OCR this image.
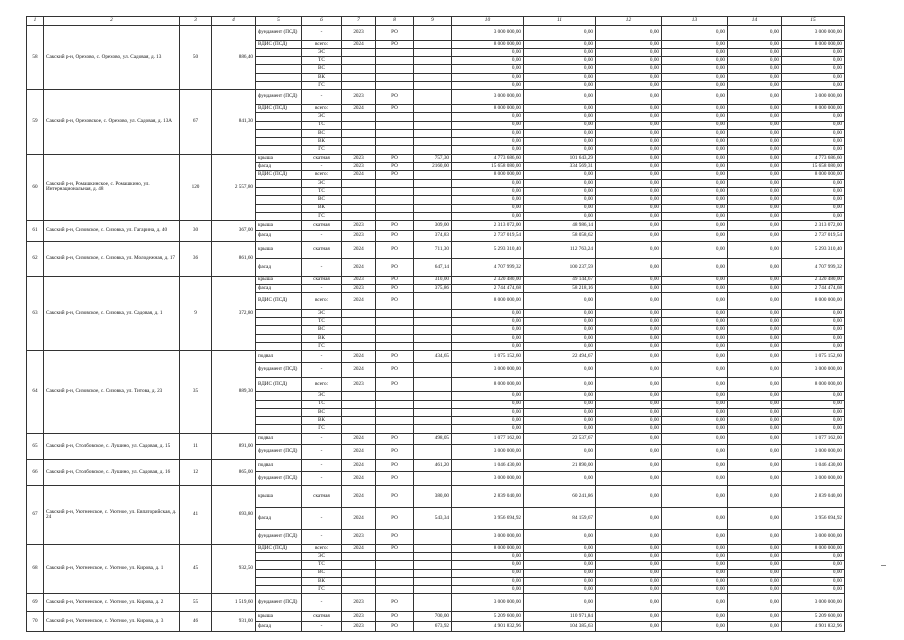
1	2	3	4	5	6	7	8	9	10	11	12	13	14	15
58	Сакский р-н, Орехово, с. Орехово, ул. Садовая, д. 13	50	886,40	фундамент (ПСД)	-	2023	РО		3 000 000,00	0,00	0,00	0,00	0,00	3 000 000,00
				ВДИС (ПСД)	всего:	2024	РО		8 000 000,00	0,00	0,00	0,00	0,00	8 000 000,00
					ЭС				0,00	0,00	0,00	0,00	0,00	0,00
					ТС				0,00	0,00	0,00	0,00	0,00	0,00
					ВС				0,00	0,00	0,00	0,00	0,00	0,00
					ВК				0,00	0,00	0,00	0,00	0,00	0,00
					ГС				0,00	0,00	0,00	0,00	0,00	0,00
59	Сакский р-н, Ореховское, с. Орехово, ул. Садовая, д. 13А	67	841,30	фундамент (ПСД)	-	2023	РО		3 000 000,00	0,00	0,00	0,00	0,00	3 000 000,00
				ВДИС (ПСД)	всего:	2024	РО		8 000 000,00	0,00	0,00	0,00	0,00	8 000 000,00
					ЭС				0,00	0,00	0,00	0,00	0,00	0,00
					ТС				0,00	0,00	0,00	0,00	0,00	0,00
					ВС				0,00	0,00	0,00	0,00	0,00	0,00
					ВК				0,00	0,00	0,00	0,00	0,00	0,00
					ГС				0,00	0,00	0,00	0,00	0,00	0,00
60	Сакский р-н, Ромашкинское, с. Ромашкино, ул. Интернациональная, д. 48	120	2 557,80	крыша	скатная	2023	РО	757,30	4 773 686,60	101 643,29	0,00	0,00	0,00	4 773 686,60
				фасад	-	2023	РО	2160,00	15 658 080,00	334 569,31	0,00	0,00	0,00	15 658 080,00
				ВДИС (ПСД)	всего:	2024	РО		8 000 000,00	0,00	0,00	0,00	0,00	8 000 000,00
					ЭС				0,00	0,00	0,00	0,00	0,00	0,00
					ТС				0,00	0,00	0,00	0,00	0,00	0,00
					ВС				0,00	0,00	0,00	0,00	0,00	0,00
					ВК				0,00	0,00	0,00	0,00	0,00	0,00
					ГС				0,00	0,00	0,00	0,00	0,00	0,00
61	Сакский р-н, Сизовское, с. Сизовка, ул. Гагарина, д. 40	30	367,00	крыша	скатная	2023	РО	309,00	2 313 072,00	48 986,14	0,00	0,00	0,00	2 313 072,00
				фасад	-	2023	РО	374,83	2 737 019,54	58 058,62	0,00	0,00	0,00	2 737 019,54
62	Сакский р-н, Сизовское, с. Сизовка, ул. Молодежная, д. 17	36	861,60	крыша	скатная	2024	РО	711,30	5 293 310,40	112 763,24	0,00	0,00	0,00	5 293 310,40
				фасад	-	2024	РО	647,14	4 707 999,32	100 237,59	0,00	0,00	0,00	4 707 999,32
63	Сакский р-н, Сизовское, с. Сизовка, ул. Садовая, д. 1	9	372,80	крыша	скатная	2023	РО	310,00	2 320 480,00	49 144,67	0,00	0,00	0,00	2 320 480,00
				фасад	-	2023	РО	375,86	2 744 474,68	58 218,16	0,00	0,00	0,00	2 744 474,68
				ВДИС (ПСД)	всего:	2024	РО		8 000 000,00	0,00	0,00	0,00	0,00	8 000 000,00
					ЭС				0,00	0,00	0,00	0,00	0,00	0,00
					ТС				0,00	0,00	0,00	0,00	0,00	0,00
					ВС				0,00	0,00	0,00	0,00	0,00	0,00
					ВК				0,00	0,00	0,00	0,00	0,00	0,00
					ГС				0,00	0,00	0,00	0,00	0,00	0,00
64	Сакский р-н, Сизовское, с. Сизовка, ул. Титова, д. 23	35	889,30	подвал	-	2024	РО	434,65	1 075 152,60	22 494,67	0,00	0,00	0,00	1 075 152,60
				фундамент (ПСД)	-	2024	РО		3 000 000,00	0,00	0,00	0,00	0,00	3 000 000,00
				ВДИС (ПСД)	всего:	2023	РО		8 000 000,00	0,00	0,00	0,00	0,00	8 000 000,00
					ЭС				0,00	0,00	0,00	0,00	0,00	0,00
					ТС				0,00	0,00	0,00	0,00	0,00	0,00
					ВС				0,00	0,00	0,00	0,00	0,00	0,00
					ВК				0,00	0,00	0,00	0,00	0,00	0,00
					ГС				0,00	0,00	0,00	0,00	0,00	0,00
65	Сакский р-н, Столбовское, с. Лушино, ул. Садовая, д. 15	11	891,00	подвал	-	2024	РО	498,05	1 077 162,00	22 537,67	0,00	0,00	0,00	1 077 162,00
				фундамент (ПСД)	-	2024	РО		3 000 000,00	0,00	0,00	0,00	0,00	3 000 000,00
66	Сакский р-н, Столбовское, с. Лушино, ул. Садовая, д. 16	12	865,00	подвал	-	2024	РО	461,20	1 046 430,00	21 890,00	0,00	0,00	0,00	1 046 430,00
				фундамент (ПСД)	-	2024	РО		3 000 000,00	0,00	0,00	0,00	0,00	3 000 000,00
67	Сакский р-н, Уютненское, с. Уютное, ул. Евпаторийская, д. 24	41	693,80	крыша	скатная	2024	РО	380,00	2 839 040,00	60 241,86	0,00	0,00	0,00	2 839 040,00
				фасад	-	2024	РО	543,34	3 956 694,92	84 159,67	0,00	0,00	0,00	3 956 694,92
				фундамент (ПСД)	-	2023	РО		3 000 000,00	0,00	0,00	0,00	0,00	3 000 000,00
68	Сакский р-н, Уютненское, с. Уютное, ул. Кирова, д. 1	45	932,50	ВДИС (ПСД)	всего:	2024	РО		8 000 000,00	0,00	0,00	0,00	0,00	8 000 000,00
					ЭС				0,00	0,00	0,00	0,00	0,00	0,00
					ТС				0,00	0,00	0,00	0,00	0,00	0,00
					ВС				0,00	0,00	0,00	0,00	0,00	0,00
					ВК				0,00	0,00	0,00	0,00	0,00	0,00
					ГС				0,00	0,00	0,00	0,00	0,00	0,00
69	Сакский р-н, Уютненское, с. Уютное, ул. Кирова, д. 2	55	1 519,60	фундамент (ПСД)	-	2023	РО		3 000 000,00	0,00	0,00	0,00	0,00	3 000 000,00
70	Сакский р-н, Уютненское, с. Уютное, ул. Кирова, д. 3	46	931,00	крыша	скатная	2023	РО	700,00	5 209 600,00	110 971,84	0,00	0,00	0,00	5 209 600,00
				фасад	-	2023	РО	673,92	4 901 832,96	104 385,63	0,00	0,00	0,00	4 901 832,96
